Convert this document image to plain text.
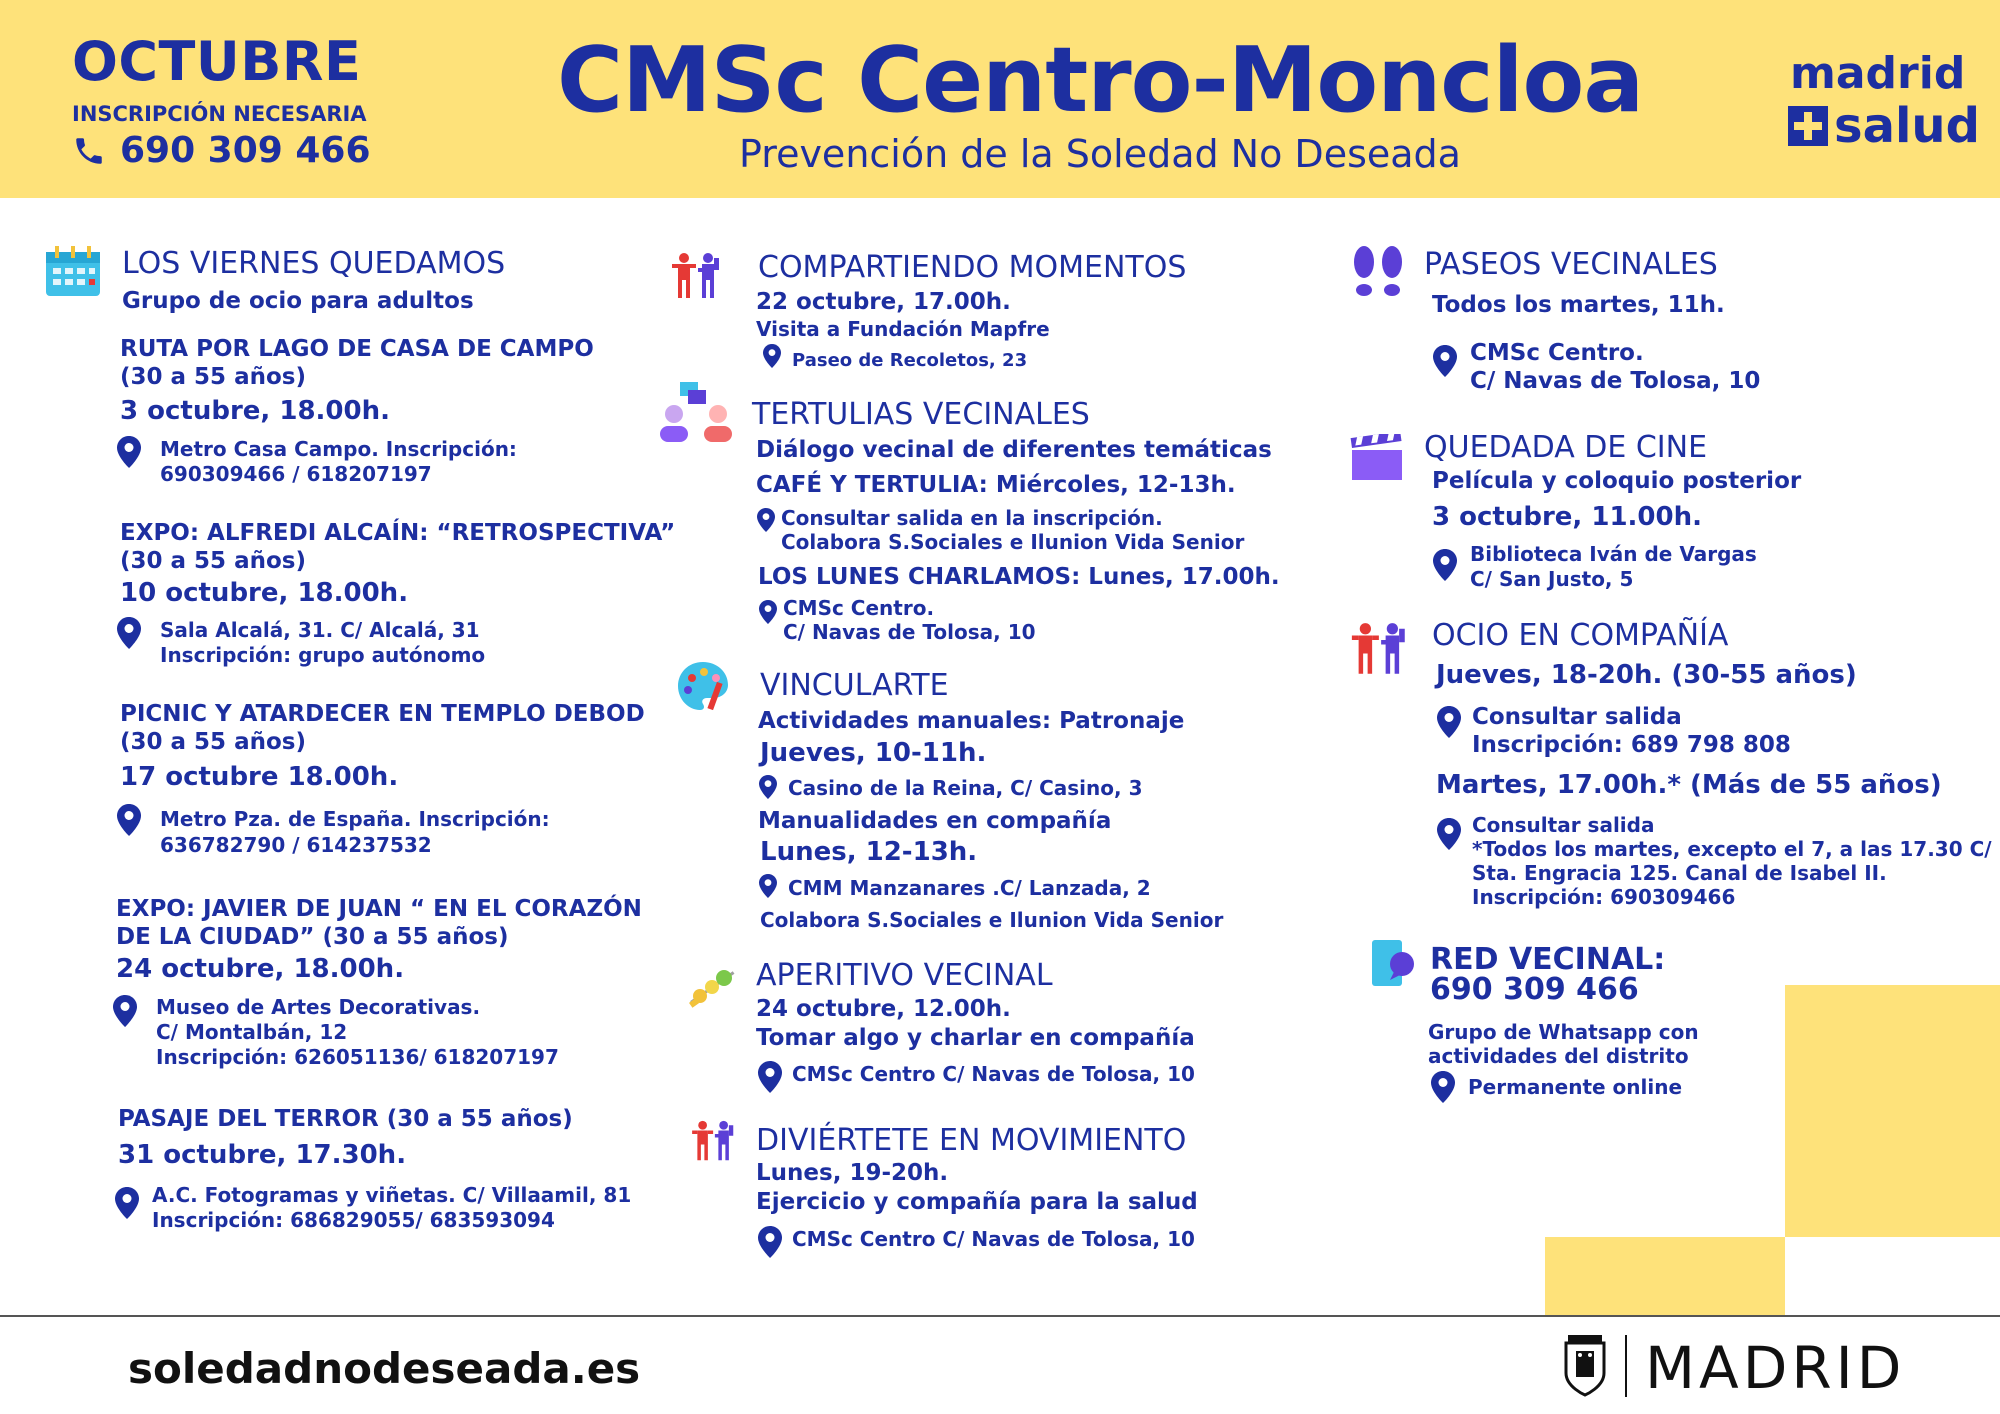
OCTUBRE
INSCRIPCIÓN NECESARIA
690 309 466
CMSc Centro-Moncloa
Prevención de la Soledad No Deseada
madrid
salud
LOS VIERNES QUEDAMOS
Grupo de ocio para adultos
RUTA POR LAGO DE CASA DE CAMPO
(30 a 55 años)
3 octubre, 18.00h.
Metro Casa Campo. Inscripción:
690309466 / 618207197
EXPO: ALFREDI ALCAÍN: “RETROSPECTIVA”
(30 a 55 años)
10 octubre, 18.00h.
Sala Alcalá, 31. C/ Alcalá, 31
Inscripción: grupo autónomo
PICNIC Y ATARDECER EN TEMPLO DEBOD
(30 a 55 años)
17 octubre 18.00h.
Metro Pza. de España. Inscripción:
636782790 / 614237532
EXPO: JAVIER DE JUAN “ EN EL CORAZÓN
DE LA CIUDAD” (30 a 55 años)
24 octubre, 18.00h.
Museo de Artes Decorativas.
C/ Montalbán, 12
Inscripción: 626051136/ 618207197
PASAJE DEL TERROR (30 a 55 años)
31 octubre, 17.30h.
A.C. Fotogramas y viñetas. C/ Villaamil, 81
Inscripción: 686829055/ 683593094
COMPARTIENDO MOMENTOS
22 octubre, 17.00h.
Visita a Fundación Mapfre
Paseo de Recoletos, 23
TERTULIAS VECINALES
Diálogo vecinal de diferentes temáticas
CAFÉ Y TERTULIA: Miércoles, 12-13h.
Consultar salida en la inscripción.
Colabora S.Sociales e Ilunion Vida Senior
LOS LUNES CHARLAMOS: Lunes, 17.00h.
CMSc Centro.
C/ Navas de Tolosa, 10
VINCULARTE
Actividades manuales: Patronaje
Jueves, 10-11h.
Casino de la Reina, C/ Casino, 3
Manualidades en compañía
Lunes, 12-13h.
CMM Manzanares .C/ Lanzada, 2
Colabora S.Sociales e Ilunion Vida Senior
APERITIVO VECINAL
24 octubre, 12.00h.
Tomar algo y charlar en compañía
CMSc Centro C/ Navas de Tolosa, 10
DIVIÉRTETE EN MOVIMIENTO
Lunes, 19-20h.
Ejercicio y compañía para la salud
CMSc Centro C/ Navas de Tolosa, 10
PASEOS VECINALES
Todos los martes, 11h.
CMSc Centro.
C/ Navas de Tolosa, 10
QUEDADA DE CINE
Película y coloquio posterior
3 octubre, 11.00h.
Biblioteca Iván de Vargas
C/ San Justo, 5
OCIO EN COMPAÑÍA
Jueves, 18-20h. (30-55 años)
Consultar salida
Inscripción: 689 798 808
Martes, 17.00h.* (Más de 55 años)
Consultar salida
*Todos los martes, excepto el 7, a las 17.30 C/
Sta. Engracia 125. Canal de Isabel II.
Inscripción: 690309466
RED VECINAL:
690 309 466
Grupo de Whatsapp con
actividades del distrito
Permanente online
soledadnodeseada.es	MADRID
